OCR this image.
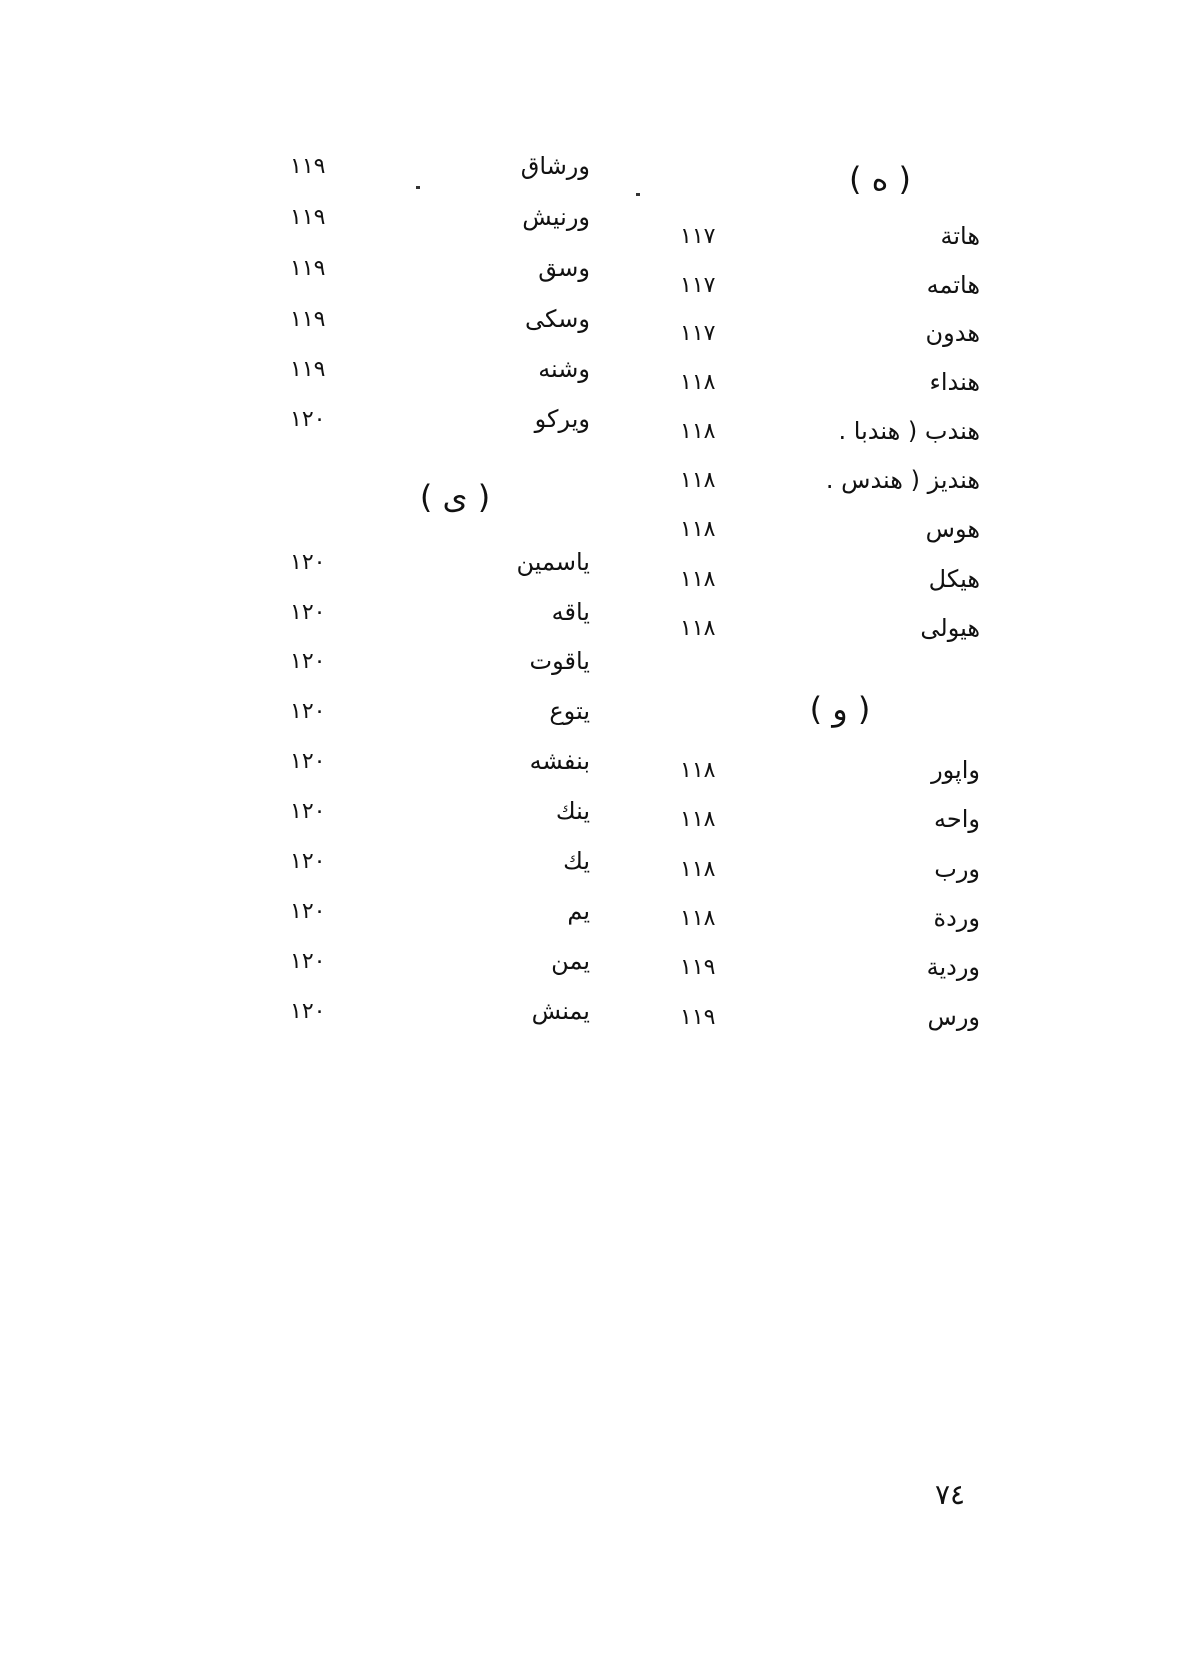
( ه )
هاتة
١١٧
هاتمه
١١٧
هدون
١١٧
هنداء
١١٨
هندب ( هندبا .
١١٨
هنديز ( هندس .
١١٨
هوس
١١٨
هيكل
١١٨
هيولى
١١٨
( و )
واپور
١١٨
واحه
١١٨
ورب
١١٨
وردة
١١٨
وردية
١١٩
ورس
١١٩
ورشاق
١١٩
ورنيش
١١٩
وسق
١١٩
وسكى
١١٩
وشنه
١١٩
ويركو
١٢٠
( ى )
ياسمين
١٢٠
ياقه
١٢٠
ياقوت
١٢٠
يتوع
١٢٠
بنفشه
١٢٠
ينك
١٢٠
يك
١٢٠
يم
١٢٠
يمن
١٢٠
يمنش
١٢٠
٧٤
